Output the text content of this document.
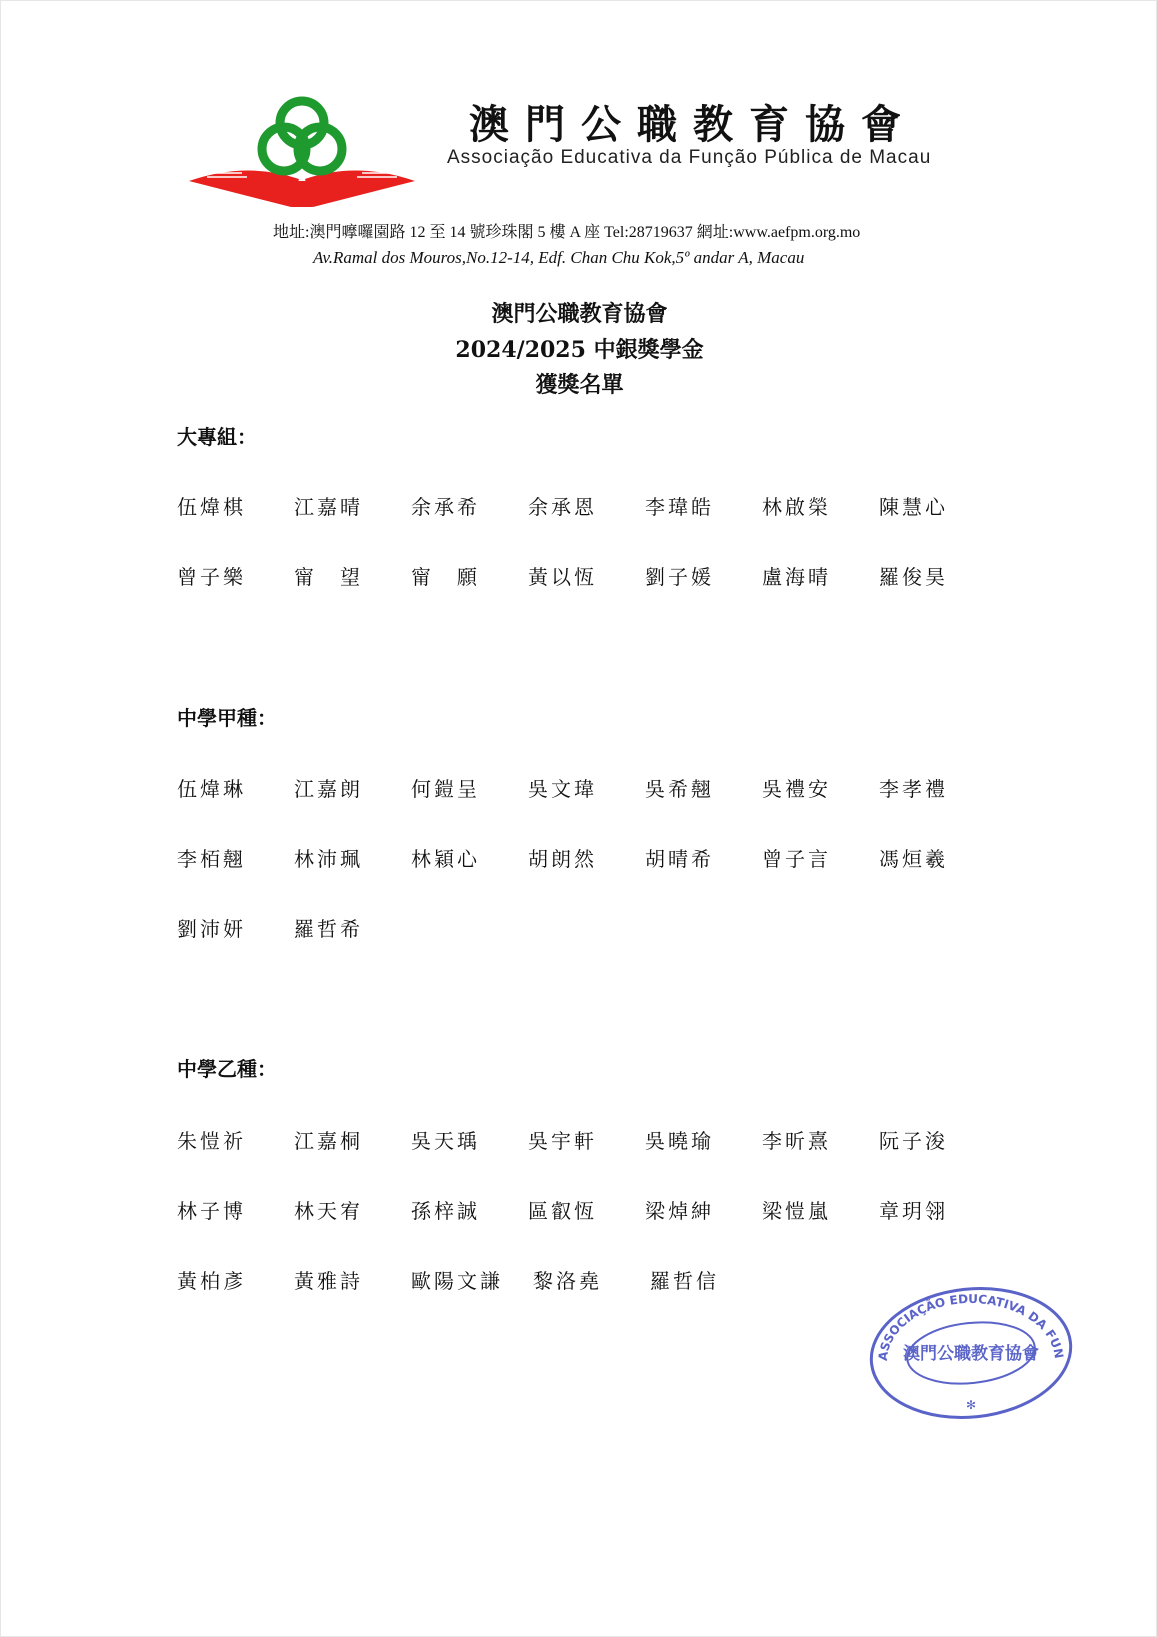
澳門公職教育協會
Associação Educativa da Função Pública de Macau
地址:澳門嚤囉園路 12 至 14 號珍珠閣 5 樓 A 座 Tel:28719637 網址:www.aefpm.org.mo
Av.Ramal dos Mouros,No.12-14, Edf. Chan Chu Kok,5º andar A, Macau
澳門公職教育協會
2024/2025 中銀獎學金
獲獎名單
大專組：
伍煒棋 江嘉晴 余承希 余承恩 李瑋皓 林啟榮 陳慧心
曾子樂 甯　望 甯　願 黃以恆 劉子媛 盧海晴 羅俊昊
中學甲種：
伍煒琳 江嘉朗 何鎧呈 吳文瑋 吳希翹 吳禮安 李孝禮
李栢翹 林沛珮 林穎心 胡朗然 胡晴希 曾子言 馮烜羲
劉沛妍 羅哲希
中學乙種：
朱愷祈 江嘉桐 吳天瑀 吳宇軒 吳曉瑜 李昕熹 阮子浚
林子博 林天宥 孫梓誠 區叡恆 梁焯紳 梁愷嵐 章玥翎
黃柏彥 黃雅詩 歐陽文謙 黎洛堯 羅哲信
ASSOCIAÇÃO EDUCATIVA DA FUN
澳門公職教育協會
✻
